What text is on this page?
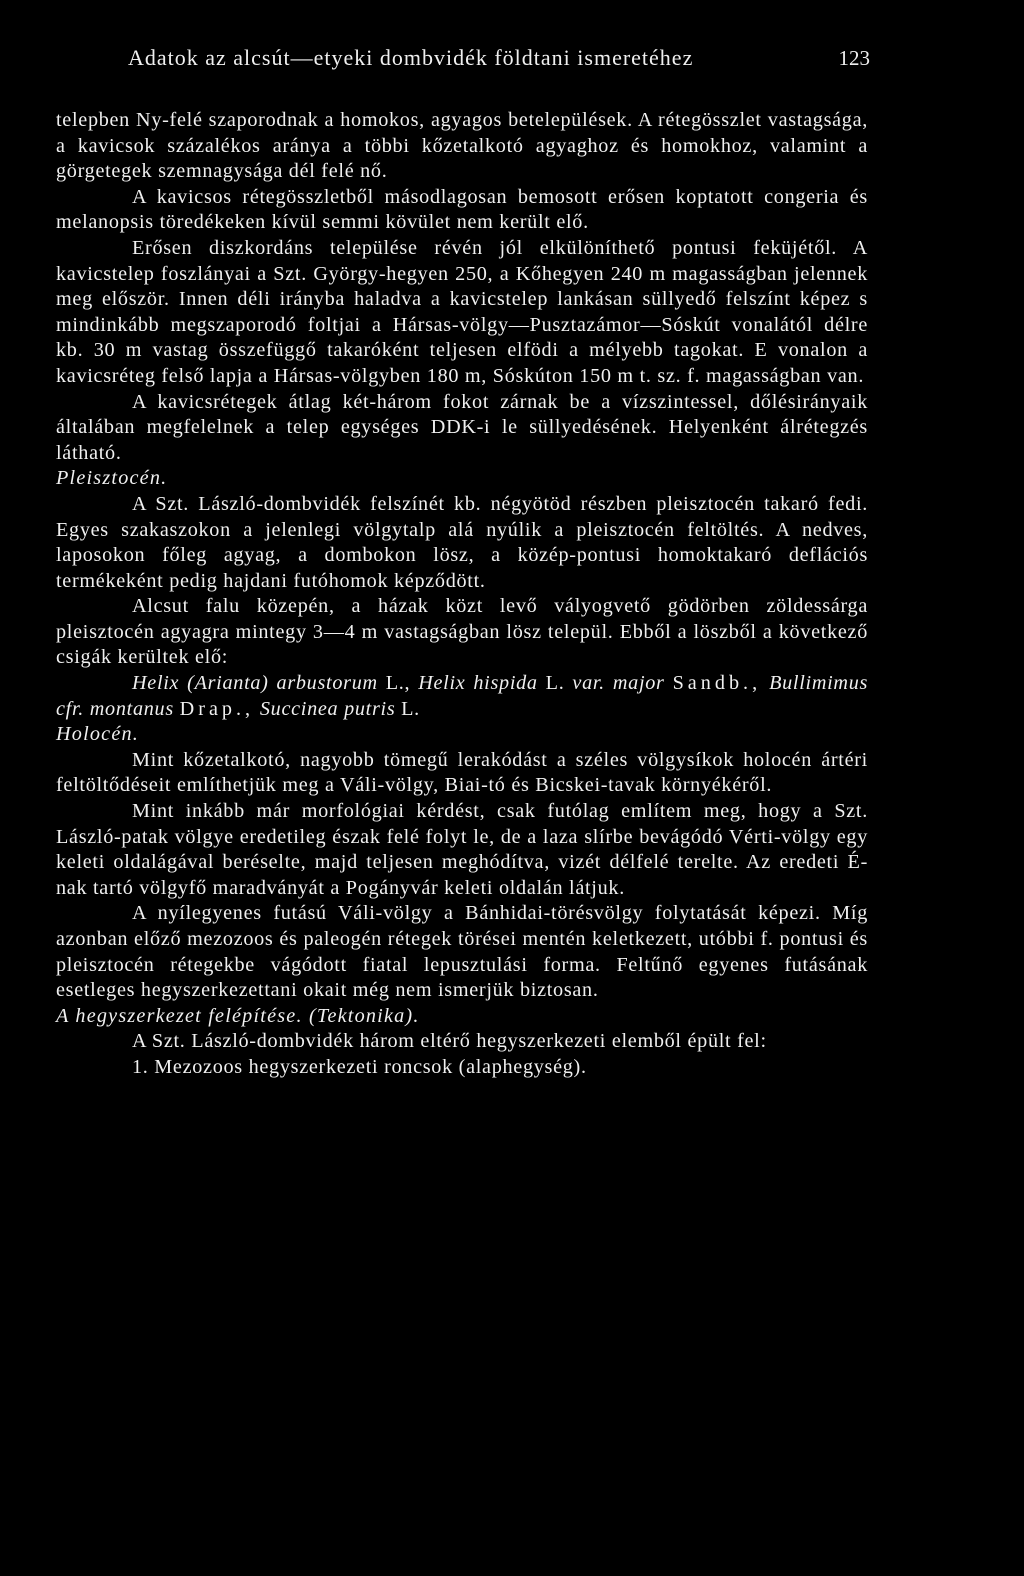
Adatok az alcsút—etyeki dombvidék földtani ismeretéhez	123

telepben Ny-felé szaporodnak a homokos, agyagos betelepülések. A rétegösszlet vastagsága, a kavicsok százalékos aránya a többi kőzetalkotó agyaghoz és homokhoz, valamint a görgetegek szemnagysága dél felé nő.

A kavicsos rétegösszletből másodlagosan bemosott erősen koptatott congeria és melanopsis töredékeken kívül semmi kövület nem került elő.

Erősen diszkordáns települése révén jól elkülöníthető pontusi feküjétől. A kavicstelep foszlányai a Szt. György-hegyen 250, a Kőhegyen 240 m magasságban jelennek meg először. Innen déli irányba haladva a kavicstelep lankásan süllyedő felszínt képez s mindinkább megszaporodó foltjai a Hársas-völgy—Pusztazámor—Sóskút vonalától délre kb. 30 m vastag összefüggő takaróként teljesen elfödi a mélyebb tagokat. E vonalon a kavicsréteg felső lapja a Hársas-völgyben 180 m, Sóskúton 150 m t. sz. f. magasságban van.

A kavicsrétegek átlag két-három fokot zárnak be a vízszintessel, dőlésirányaik általában megfelelnek a telep egységes DDK-i le süllyedésének. Helyenként álrétegzés látható.

Pleisztocén.

A Szt. László-dombvidék felszínét kb. négyötöd részben pleisztocén takaró fedi. Egyes szakaszokon a jelenlegi völgytalp alá nyúlik a pleisztocén feltöltés. A nedves, laposokon főleg agyag, a dombokon lösz, a közép-pontusi homoktakaró deflációs termékeként pedig hajdani futóhomok képződött.

Alcsut falu közepén, a házak közt levő vályogvető gödörben zöldessárga pleisztocén agyagra mintegy 3—4 m vastagságban lösz települ. Ebből a löszből a következő csigák kerültek elő:

Helix (Arianta) arbustorum L., Helix hispida L. var. major Sandb., Bullimimus cfr. montanus Drap., Succinea putris L.

Holocén.

Mint kőzetalkotó, nagyobb tömegű lerakódást a széles völgysíkok holocén ártéri feltöltődéseit említhetjük meg a Váli-völgy, Biai-tó és Bicskei-tavak környékéről.

Mint inkább már morfológiai kérdést, csak futólag említem meg, hogy a Szt. László-patak völgye eredetileg észak felé folyt le, de a laza slírbe bevágódó Vérti-völgy egy keleti oldalágával beréselte, majd teljesen meghódítva, vizét délfelé terelte. Az eredeti É-nak tartó völgyfő maradványát a Pogányvár keleti oldalán látjuk.

A nyílegyenes futású Váli-völgy a Bánhidai-törésvölgy folytatását képezi. Míg azonban előző mezozoos és paleogén rétegek törései mentén keletkezett, utóbbi f. pontusi és pleisztocén rétegekbe vágódott fiatal lepusztulási forma. Feltűnő egyenes futásának esetleges hegyszerkezettani okait még nem ismerjük biztosan.

A hegyszerkezet felépítése. (Tektonika).

A Szt. László-dombvidék három eltérő hegyszerkezeti elemből épült fel:

1. Mezozoos hegyszerkezeti roncsok (alaphegység).
